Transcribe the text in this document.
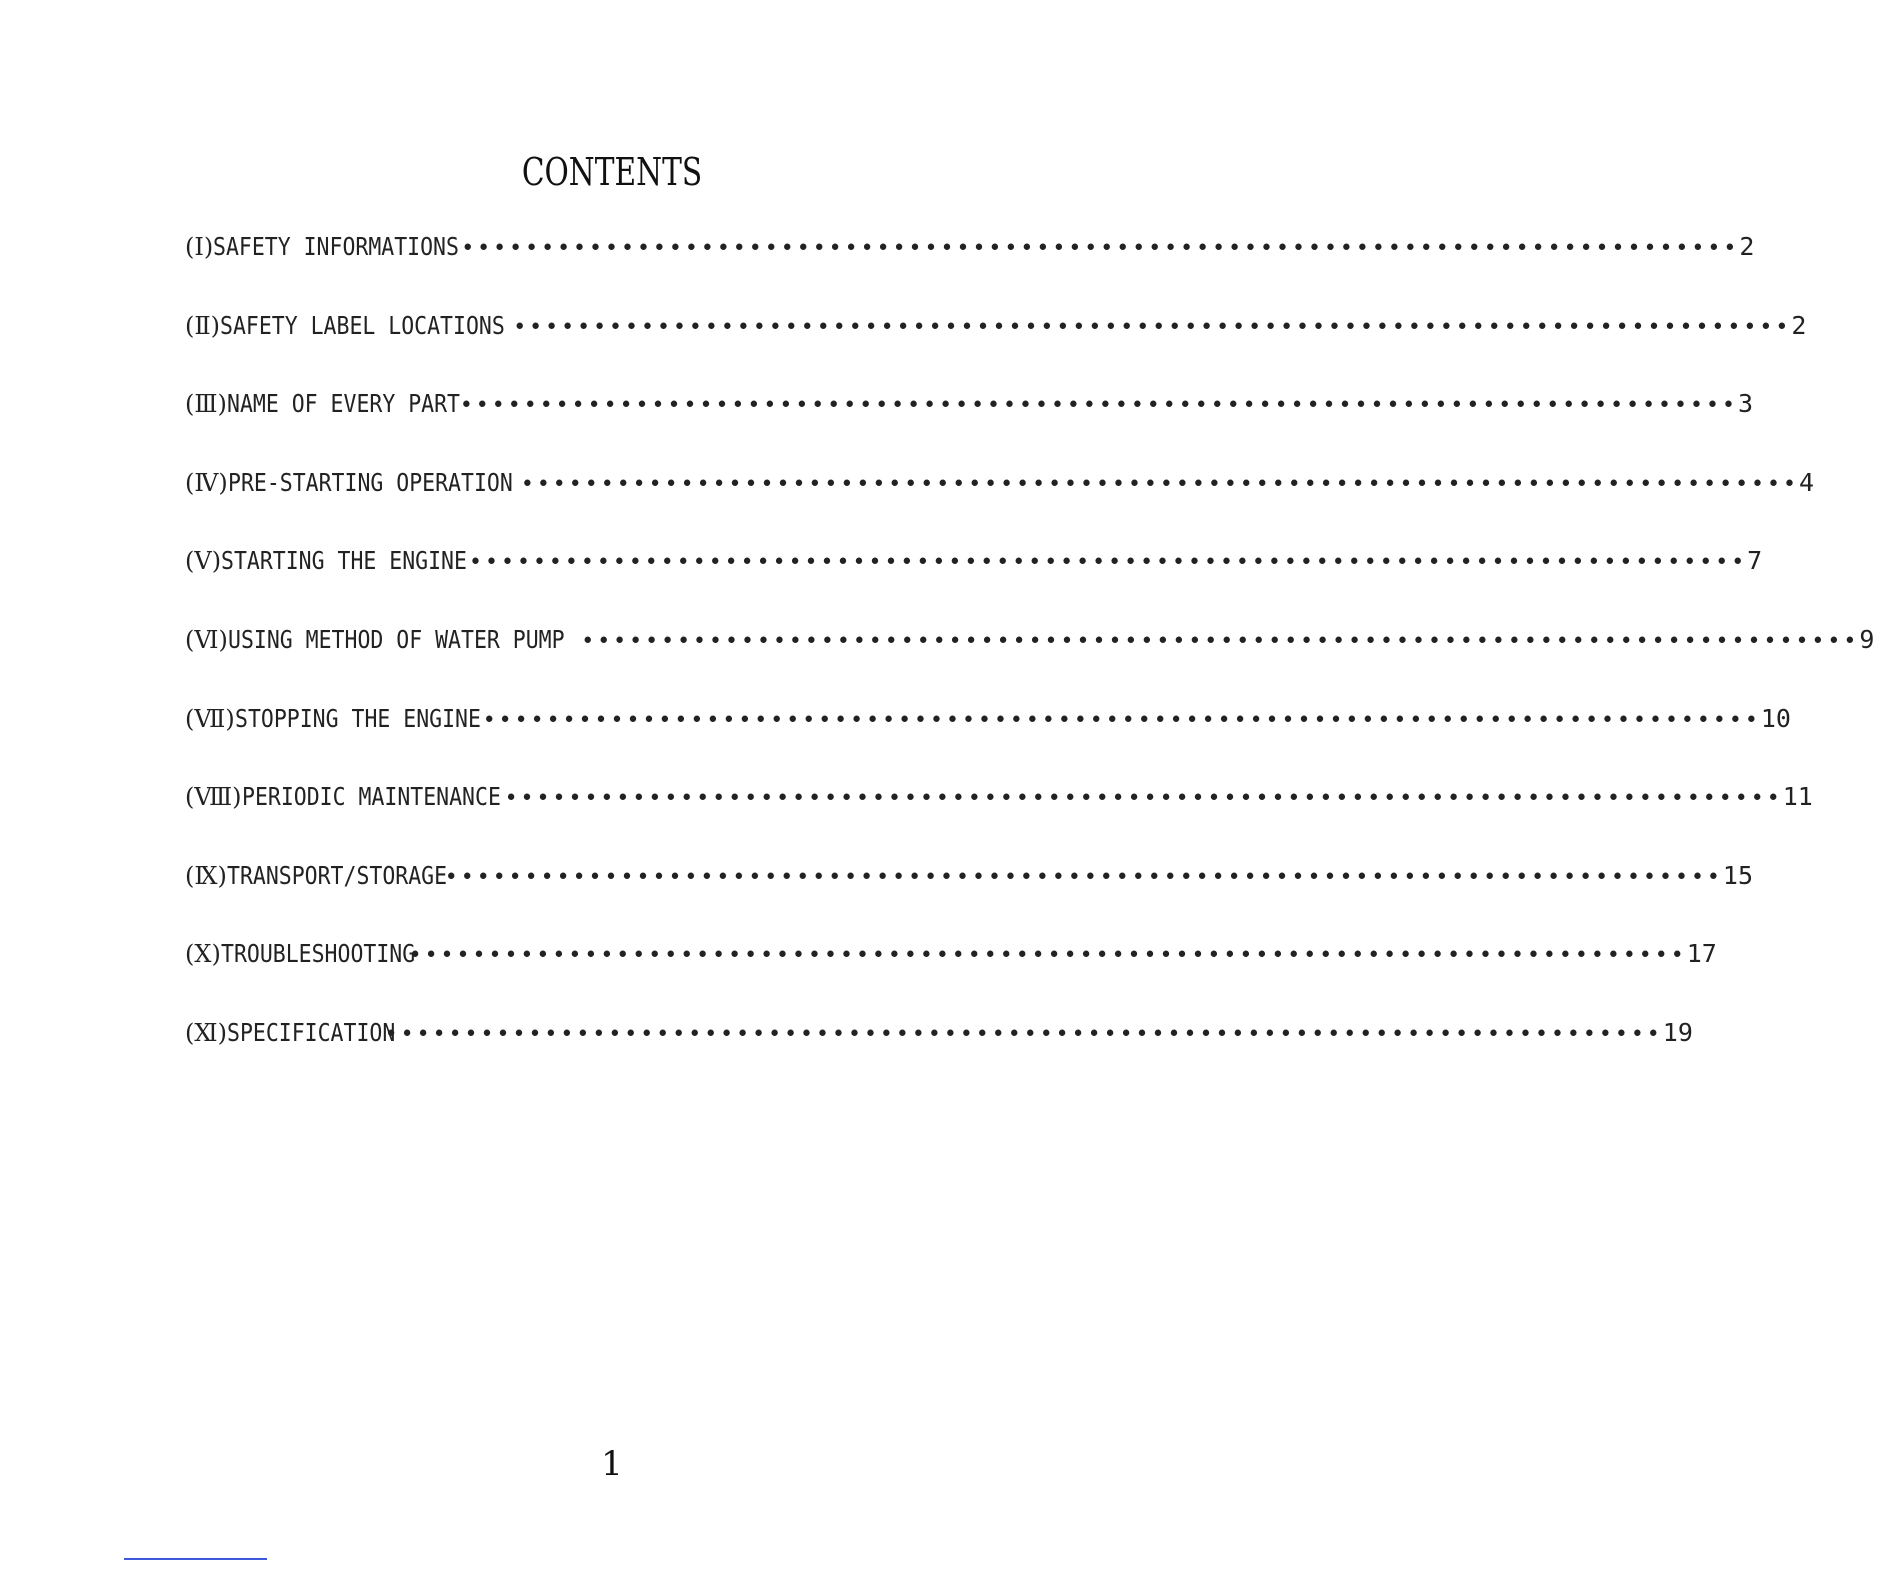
CONTENTS
(Ⅰ) SAFETY INFORMATIONS •••••••••••••••••••••••••••••••••••••••••••••••••••••••••••••••••••••••••••••••• 2
(Ⅱ) SAFETY LABEL LOCATIONS •••••••••••••••••••••••••••••••••••••••••••••••••••••••••••••••••••••••••••••••• 2
(Ⅲ) NAME OF EVERY PART •••••••••••••••••••••••••••••••••••••••••••••••••••••••••••••••••••••••••••••••• 3
(Ⅳ) PRE-STARTING OPERATION •••••••••••••••••••••••••••••••••••••••••••••••••••••••••••••••••••••••••••••••• 4
(Ⅴ) STARTING THE ENGINE •••••••••••••••••••••••••••••••••••••••••••••••••••••••••••••••••••••••••••••••• 7
(Ⅵ) USING METHOD OF WATER PUMP •••••••••••••••••••••••••••••••••••••••••••••••••••••••••••••••••••••••••••••••• 9
(Ⅶ) STOPPING THE ENGINE •••••••••••••••••••••••••••••••••••••••••••••••••••••••••••••••••••••••••••••••• 10
(Ⅷ) PERIODIC MAINTENANCE •••••••••••••••••••••••••••••••••••••••••••••••••••••••••••••••••••••••••••••••• 11
(Ⅸ) TRANSPORT/STORAGE
•••••••••••••••••••••••••••••••••••••••••••••••••••••••••••••••••••••••••••••••• 15
(Ⅹ) TROUBLESHOOTING
•••••••••••••••••••••••••••••••••••••••••••••••••••••••••••••••••••••••••••••••• 17
(Ⅺ) SPECIFICATION
•••••••••••••••••••••••••••••••••••••••••••••••••••••••••••••••••••••••••••••••• 19
1
